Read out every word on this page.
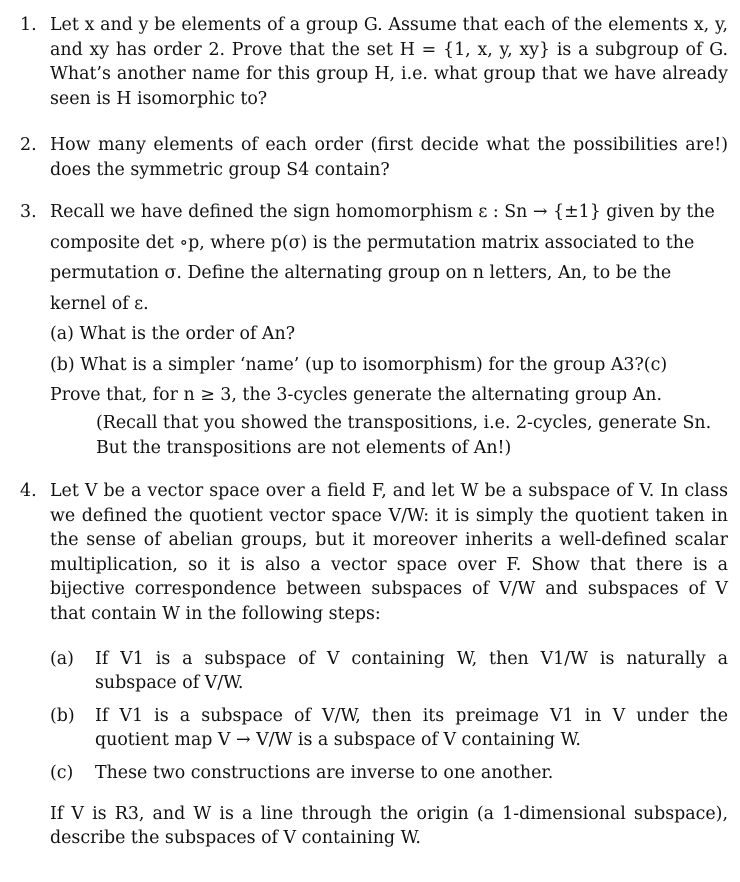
1. Let x and y be elements of a group G. Assume that each of the elements x, y, and xy has order 2. Prove that the set H = {1, x, y, xy} is a subgroup of G. What’s another name for this group H, i.e. what group that we have already seen is H isomorphic to?

2. How many elements of each order (first decide what the possibilities are!) does the symmetric group S4 contain?

3. Recall we have defined the sign homomorphism ε : Sn → {±1} given by the composite det ∘p, where p(σ) is the permutation matrix associated to the permutation σ. Define the alternating group on n letters, An, to be the kernel of ε.

(a) What is the order of An?

(b) What is a simpler ‘name’ (up to isomorphism) for the group A3?(c)

Prove that, for n ≥ 3, the 3-cycles generate the alternating group An.

(Recall that you showed the transpositions, i.e. 2-cycles, generate Sn. But the transpositions are not elements of An!)

4. Let V be a vector space over a field F, and let W be a subspace of V. In class we defined the quotient vector space V/W: it is simply the quotient taken in the sense of abelian groups, but it moreover inherits a well-defined scalar multiplication, so it is also a vector space over F. Show that there is a bijective correspondence between subspaces of V/W and subspaces of V that contain W in the following steps:

(a) If V1 is a subspace of V containing W, then V1/W is naturally a subspace of V/W.

(b) If V1 is a subspace of V/W, then its preimage V1 in V under the quotient map V → V/W is a subspace of V containing W.

(c) These two constructions are inverse to one another.

If V is R3, and W is a line through the origin (a 1-dimensional subspace), describe the subspaces of V containing W.
